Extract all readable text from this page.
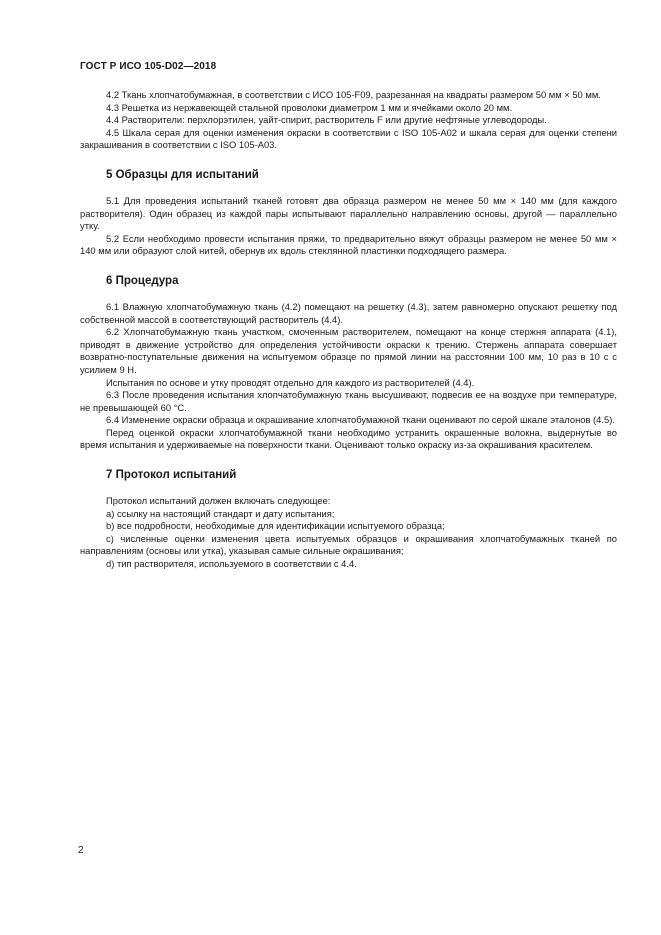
ГОСТ Р ИСО 105-D02—2018

4.2 Ткань хлопчатобумажная, в соответствии с ИСО 105-F09, разрезанная на квадраты размером 50 мм × 50 мм.

4.3 Решетка из нержавеющей стальной проволоки диаметром 1 мм и ячейками около 20 мм.

4.4 Растворители: перхлорэтилен, уайт-спирит, растворитель F или другие нефтяные углеводороды.

4.5 Шкала серая для оценки изменения окраски в соответствии с ISO 105-A02 и шкала серая для оценки степени закрашивания в соответствии с ISO 105-A03.

5 Образцы для испытаний

5.1 Для проведения испытаний тканей готовят два образца размером не менее 50 мм × 140 мм (для каждого растворителя). Один образец из каждой пары испытывают параллельно направлению основы, другой — параллельно утку.

5.2 Если необходимо провести испытания пряжи, то предварительно вяжут образцы размером не менее 50 мм × 140 мм или образуют слой нитей, обернув их вдоль стеклянной пластинки подходящего размера.

6 Процедура

6.1 Влажную хлопчатобумажную ткань (4.2) помещают на решетку (4.3), затем равномерно опускают решетку под собственной массой в соответствующий растворитель (4.4).

6.2 Хлопчатобумажную ткань участком, смоченным растворителем, помещают на конце стержня аппарата (4.1), приводят в движение устройство для определения устойчивости окраски к трению. Стержень аппарата совершает возвратно-поступательные движения на испытуемом образце по прямой линии на расстоянии 100 мм, 10 раз в 10 с с усилием 9 Н.

Испытания по основе и утку проводят отдельно для каждого из растворителей (4.4).

6.3 После проведения испытания хлопчатобумажную ткань высушивают, подвесив ее на воздухе при температуре, не превышающей 60 °C.

6.4 Изменение окраски образца и окрашивание хлопчатобумажной ткани оценивают по серой шкале эталонов (4.5).

Перед оценкой окраски хлопчатобумажной ткани необходимо устранить окрашенные волокна, выдернутые во время испытания и удерживаемые на поверхности ткани. Оценивают только окраску из-за окрашивания красителем.

7 Протокол испытаний

Протокол испытаний должен включать следующее:

a) ссылку на настоящий стандарт и дату испытания;

b) все подробности, необходимые для идентификации испытуемого образца;

c) численные оценки изменения цвета испытуемых образцов и окрашивания хлопчатобумажных тканей по направлениям (основы или утка), указывая самые сильные окрашивания;

d) тип растворителя, используемого в соответствии с 4.4.

2
